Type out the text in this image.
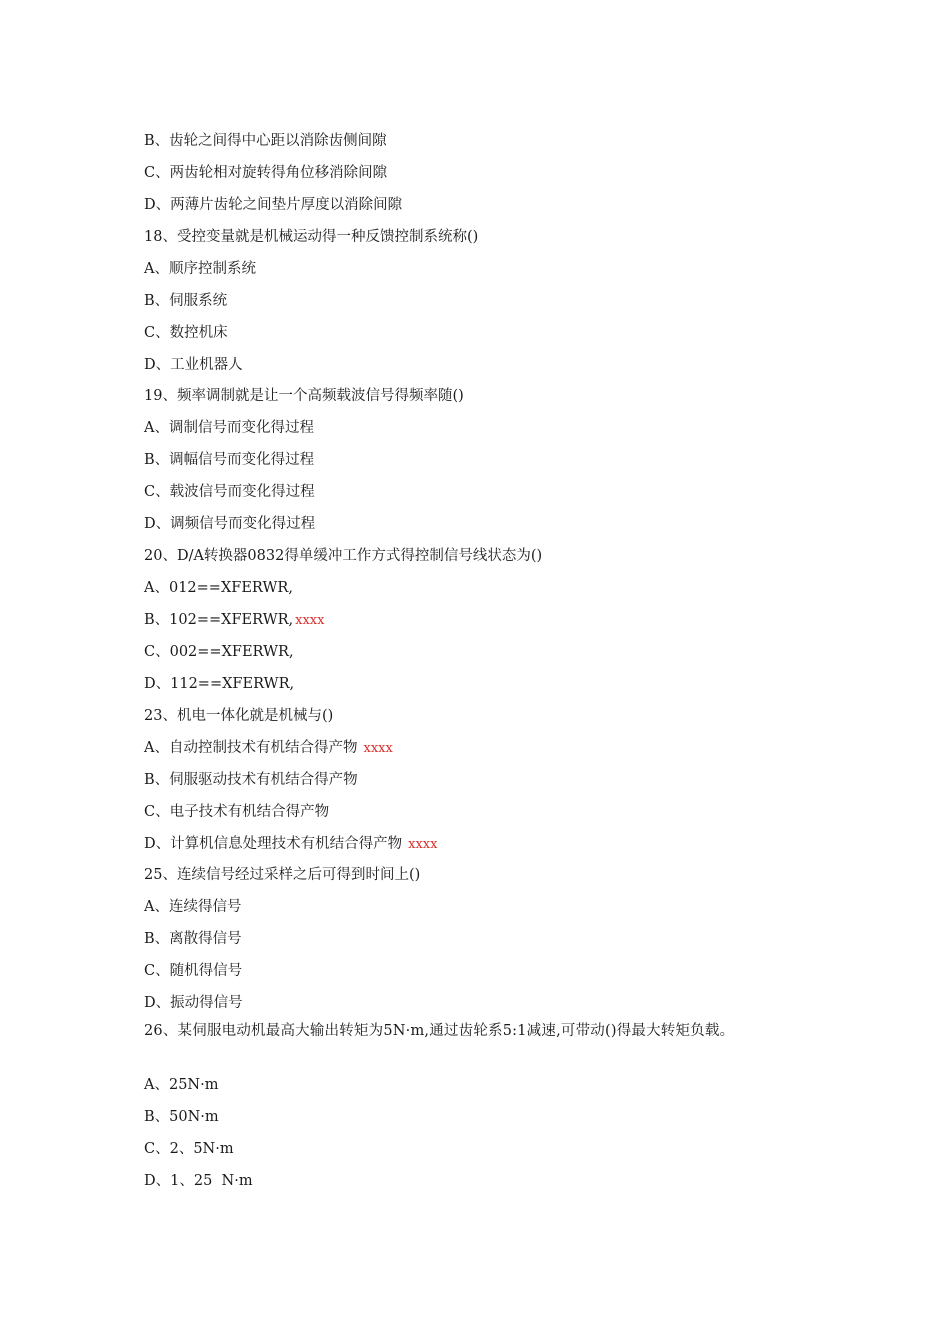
B、齿轮之间得中心距以消除齿侧间隙
C、两齿轮相对旋转得角位移消除间隙
D、两薄片齿轮之间垫片厚度以消除间隙
18、受控变量就是机械运动得一种反馈控制系统称()
A、顺序控制系统
B、伺服系统
C、数控机床
D、工业机器人
19、频率调制就是让一个高频载波信号得频率随()
A、调制信号而变化得过程
B、调幅信号而变化得过程
C、载波信号而变化得过程
D、调频信号而变化得过程
20、D/A转换器0832得单缓冲工作方式得控制信号线状态为()
A、012==XFERWR,
B、102==XFERWR, xxxx
C、002==XFERWR,
D、112==XFERWR,
23、机电一体化就是机械与()
A、自动控制技术有机结合得产物 xxxx
B、伺服驱动技术有机结合得产物
C、电子技术有机结合得产物
D、计算机信息处理技术有机结合得产物 xxxx
25、连续信号经过采样之后可得到时间上()
A、连续得信号
B、离散得信号
C、随机得信号
D、振动得信号
26、某伺服电动机最高大输出转矩为5N·m,通过齿轮系5:1减速,可带动()得最大转矩负载。
A、25N·m
B、50N·m
C、2、5N·m
D、1、25  N·m
